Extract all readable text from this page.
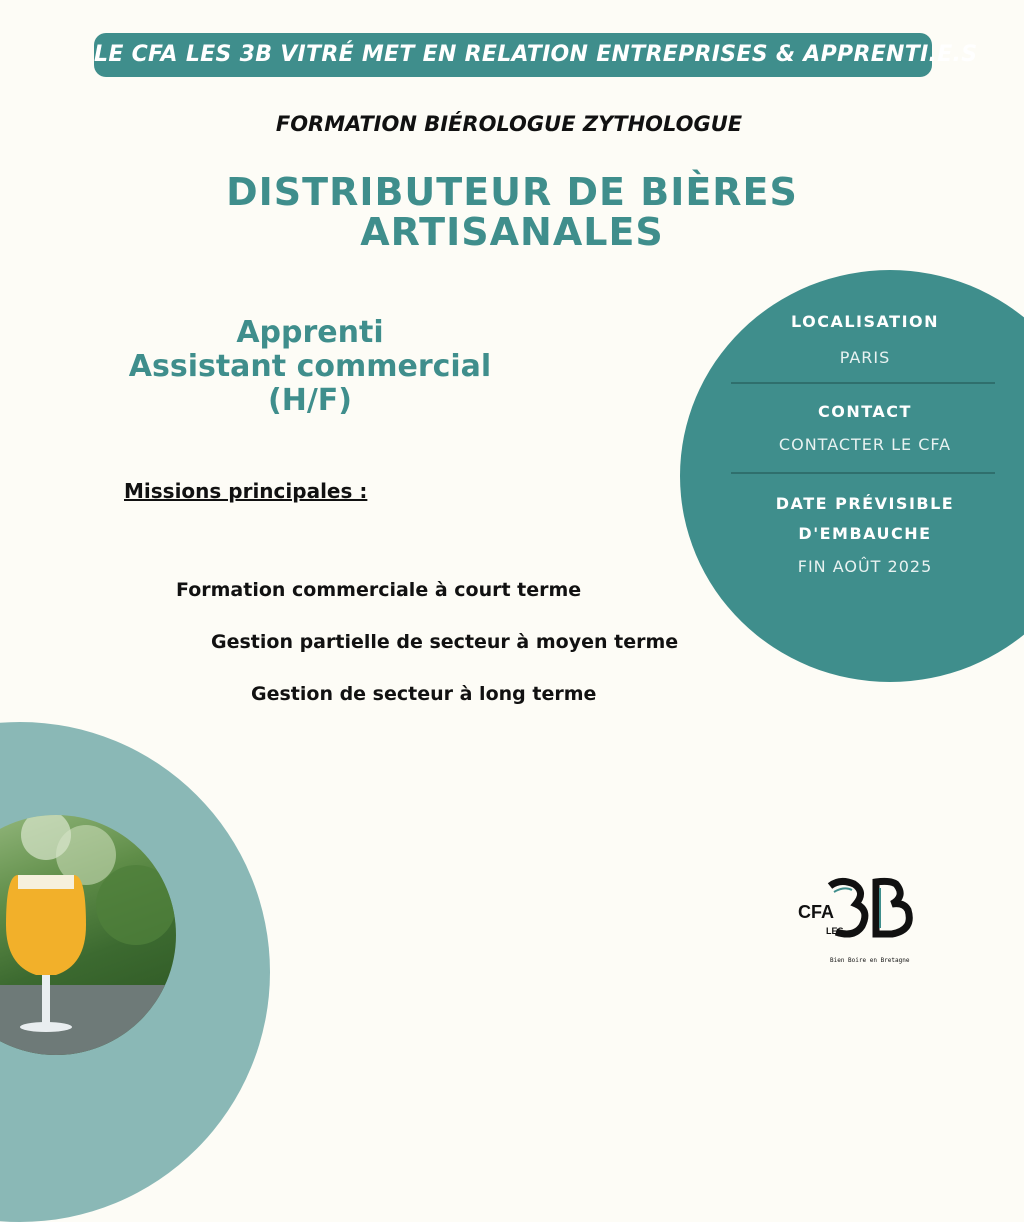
LE CFA LES 3B VITRÉ MET EN RELATION ENTREPRISES & APPRENTI.E.S
FORMATION BIÉROLOGUE ZYTHOLOGUE
DISTRIBUTEUR DE BIÈRES
ARTISANALES
Apprenti
Assistant commercial
(H/F)
Missions principales :
Formation commerciale à court terme
Gestion partielle de secteur à moyen terme
Gestion de secteur à long terme
LOCALISATION
PARIS
CONTACT
CONTACTER LE CFA
DATE PRÉVISIBLE
D'EMBAUCHE
FIN AOÛT 2025
CFA
LES
Bien Boire en Bretagne
